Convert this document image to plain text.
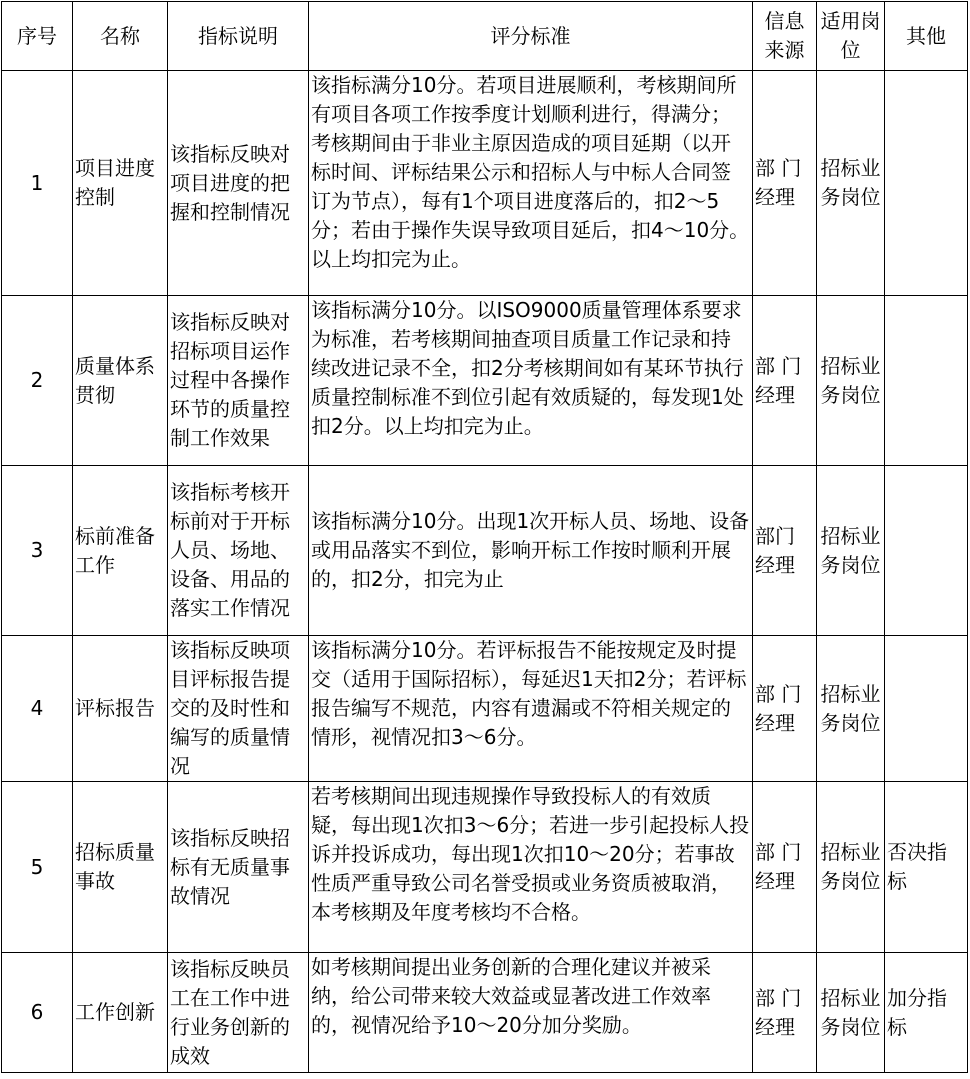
序号	名称	指标说明	评分标准	信息来源	适用岗位	其他
1	项目进度控制	该指标反映对项目进度的把握和控制情况	该指标满分10分。若项目进展顺利，考核期间所有项目各项工作按季度计划顺利进行，得满分；考核期间由于非业主原因造成的项目延期（以开标时间、评标结果公示和招标人与中标人合同签订为节点），每有1个项目进度落后的，扣2～5分；若由于操作失误导致项目延后，扣4～10分。以上均扣完为止。	部 门经理	招标业务岗位	
2	质量体系贯彻	该指标反映对招标项目运作过程中各操作环节的质量控制工作效果	该指标满分10分。以ISO9000质量管理体系要求为标准，若考核期间抽查项目质量工作记录和持续改进记录不全，扣2分考核期间如有某环节执行质量控制标准不到位引起有效质疑的，每发现1处扣2分。以上均扣完为止。	部 门经理	招标业务岗位	
3	标前准备工作	该指标考核开标前对于开标人员、场地、设备、用品的落实工作情况	该指标满分10分。出现1次开标人员、场地、设备或用品落实不到位，影响开标工作按时顺利开展的，扣2分，扣完为止	部门经理	招标业务岗位	
4	评标报告	该指标反映项目评标报告提交的及时性和编写的质量情况	该指标满分10分。若评标报告不能按规定及时提交（适用于国际招标），每延迟1天扣2分；若评标报告编写不规范，内容有遗漏或不符相关规定的情形，视情况扣3～6分。	部 门经理	招标业务岗位	
5	招标质量事故	该指标反映招标有无质量事故情况	若考核期间出现违规操作导致投标人的有效质疑，每出现1次扣3～6分；若进一步引起投标人投诉并投诉成功，每出现1次扣10～20分；若事故性质严重导致公司名誉受损或业务资质被取消，本考核期及年度考核均不合格。	部 门经理	招标业务岗位	否决指标
6	工作创新	该指标反映员工在工作中进行业务创新的成效	如考核期间提出业务创新的合理化建议并被采纳，给公司带来较大效益或显著改进工作效率的，视情况给予10～20分加分奖励。	部 门经理	招标业务岗位	加分指标
